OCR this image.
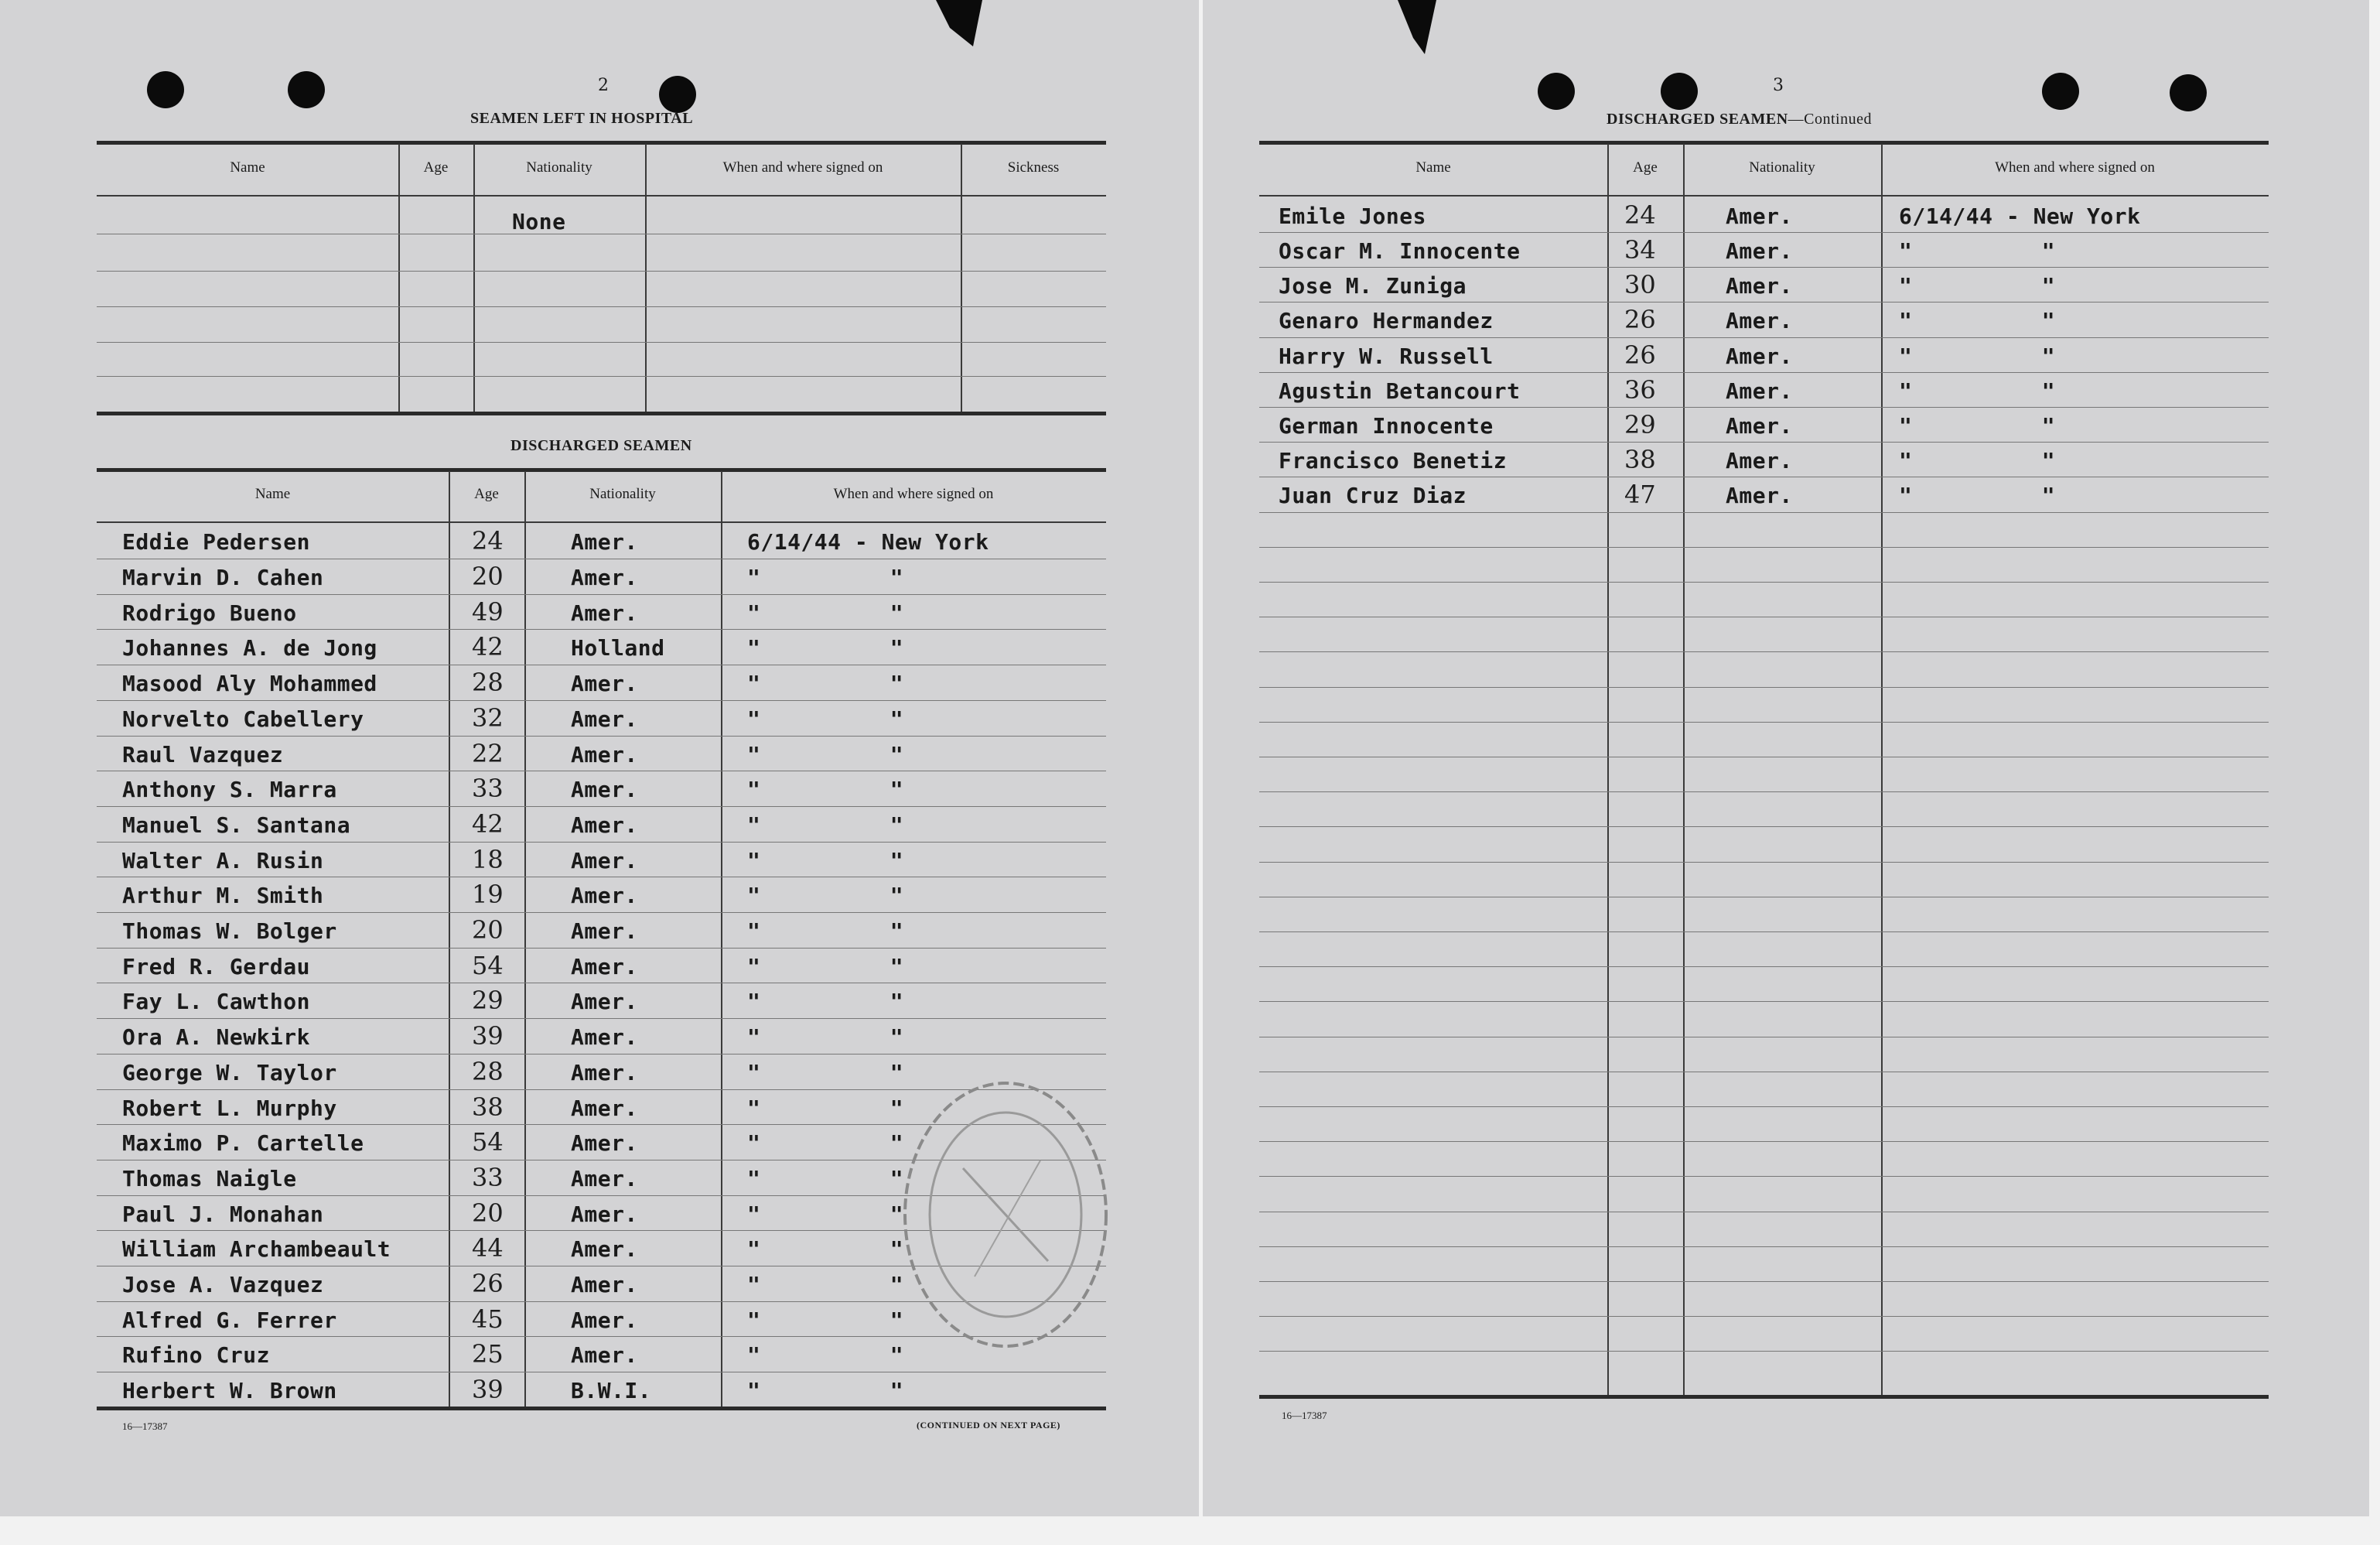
2
SEAMEN LEFT IN HOSPITAL
Name	Age	Nationality	When and where signed on	Sickness
None
DISCHARGED SEAMEN
Name	Age	Nationality	When and where signed on
Eddie Pedersen	24	Amer.	6/14/44 - New York
Marvin D. Cahen	20	Amer.	" "
Rodrigo Bueno	49	Amer.	" "
Johannes A. de Jong	42	Holland	" "
Masood Aly Mohammed	28	Amer.	" "
Norvelto Cabellery	32	Amer.	" "
Raul Vazquez	22	Amer.	" "
Anthony S. Marra	33	Amer.	" "
Manuel S. Santana	42	Amer.	" "
Walter A. Rusin	18	Amer.	" "
Arthur M. Smith	19	Amer.	" "
Thomas W. Bolger	20	Amer.	" "
Fred R. Gerdau	54	Amer.	" "
Fay L. Cawthon	29	Amer.	" "
Ora A. Newkirk	39	Amer.	" "
George W. Taylor	28	Amer.	" "
Robert L. Murphy	38	Amer.	" "
Maximo P. Cartelle	54	Amer.	" "
Thomas Naigle	33	Amer.	" "
Paul J. Monahan	20	Amer.	" "
William Archambeault	44	Amer.	" "
Jose A. Vazquez	26	Amer.	" "
Alfred G. Ferrer	45	Amer.	" "
Rufino Cruz	25	Amer.	" "
Herbert W. Brown	39	B.W.I.	" "
16—17387	(CONTINUED ON NEXT PAGE)
3
DISCHARGED SEAMEN—Continued
Name	Age	Nationality	When and where signed on
Emile Jones	24	Amer.	6/14/44 - New York
Oscar M. Innocente	34	Amer.	" "
Jose M. Zuniga	30	Amer.	" "
Genaro Hermandez	26	Amer.	" "
Harry W. Russell	26	Amer.	" "
Agustin Betancourt	36	Amer.	" "
German Innocente	29	Amer.	" "
Francisco Benetiz	38	Amer.	" "
Juan Cruz Diaz	47	Amer.	" "
16—17387
